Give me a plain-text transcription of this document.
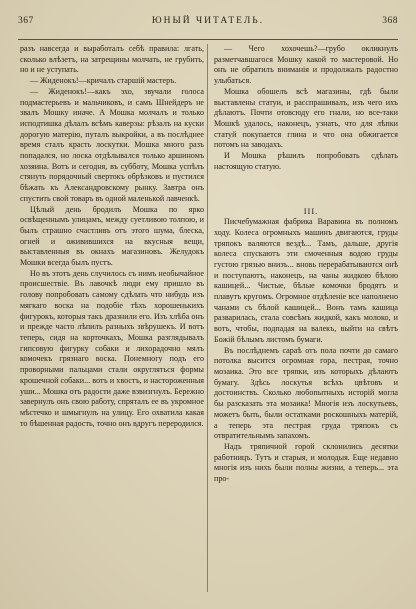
367	ЮНЫЙ ЧИТАТЕЛЬ.	368

разъ навсегда и выработалъ себѣ правила: лгать, сколько влѣзетъ, на затрещины молчать, не грубить, но и не уступать.

— Жиденокъ!—кричалъ старшій мастеръ.

— Жиденокъ!—какъ эхо, звучали голоса подмастерьевъ и мальчиковъ, и самъ Шнейдеръ не звалъ Мошку иначе. А Мошка молчалъ и только исподтишка дѣлалъ всѣмъ каверзы: рѣзалъ на куски дорогую матерію, путалъ выкройки, а въ послѣднее время сталъ красть лоскутки. Мошка много разъ попадался, но лоска отдѣлывался только аршиномъ хозяина. Вотъ и сегодня, въ субботу, Мошка успѣлъ стянуть порядочный свертокъ обрѣзковъ и пустился бѣжать къ Александровскому рынку. Завтра онъ спустить свой товаръ въ одной маленькой лавченкѣ.

Цѣлый день бродилъ Мошка по ярко освѣщеннымъ улицамъ, между суетливою толпою, и былъ страшно счастливъ отъ этого шума, блеска, огней и оживившихся на вкусныя вещи, выставленныя въ окнахъ магазиновъ. Желудокъ Мошки всегда былъ пустъ.

Но въ этотъ день случилось съ нимъ необычайное происшествіе. Въ лавочкѣ люди ему пришло въ голову попробовать самому сдѣлать что нибудь изъ мягкаго воска на подобіе тѣхъ хорошенькихъ фигурокъ, которыя такъ дразнили его. Изъ хлѣба онъ и прежде часто лѣпилъ разныхъ звѣрушекъ. И вотъ теперь, сидя на корточкахъ, Мошка разглядывалъ гипсовую фигурку собаки и лихорадочно мялъ комочекъ грязнаго воска. Понемногу подъ его проворными пальцами стали округляться формы крошечной собаки... вотъ и хвостъ, и настороженныя уши... Мошка отъ радости даже взвизгнулъ. Бережно завернулъ онъ свою работу, спряталъ ее въ укромное мѣстечко и шмыгнулъ на улицу. Его охватила какая то бѣшенная радость, точно онъ вдругъ переродился.

— Чего хохочешь?—грубо окликнулъ разметчавшагося Мошку какой то мастеровой. Но онъ не обратилъ вниманія и продолжалъ радостно улыбаться.

Мошка обошелъ всѣ магазины, гдѣ были выставлены статуи, и расспрашивалъ, изъ чего ихъ дѣлаютъ. Почти отовсюду его гнали, но все-таки Мошкѣ удалось, наконецъ, узнать, что для лѣпки статуй покупается глина и что она обжигается потомъ на заводахъ.

И Мошка рѣшилъ попробовать сдѣлать настоящую статую.

III.

Писчебумажная фабрика Варавина въ полномъ ходу. Колеса огромныхъ машинъ двигаются, груды тряпокъ валяются вездѣ... Тамъ, дальше, другія колеса спускаютъ эти смоченныя водою груды густою грязью внизъ... вновь перерабатываются онѣ и поступаютъ, наконецъ, на чаны жидкою бѣлою кашицей... Чистые, бѣлые комочки бродятъ и плавутъ кругомъ. Огромное отдѣленіе все наполнено чанами съ бѣлой кашицей... Вонъ тамъ кашица разварилась, стала совсѣмъ жидкой, какъ молоко, и вотъ, чтобы, подпадая на валекъ, выйти на свѣтъ Божій бѣлымъ листомъ бумаги.

Въ послѣднемъ сараѣ отъ пола почти до самаго потолка высится огромная гора, пестрая, точно мозаика. Это все тряпки, изъ которыхъ дѣлаютъ бумагу. Здѣсь лоскутья всѣхъ цвѣтовъ и достоинствъ. Сколько любопытныхъ исторій могла бы разсказать эта мозаика! Многія изъ лоскутьевъ, можетъ быть, были остатками роскошныхъ матерій, а теперь эта пестрая груда тряпокъ съ отвратительнымъ запахомъ.

Надъ тряпичной горой склонились десятки работницъ. Тутъ и старыя, и молодыя. Еще недавно многія изъ нихъ были полны жизни, а теперь... эта про-
